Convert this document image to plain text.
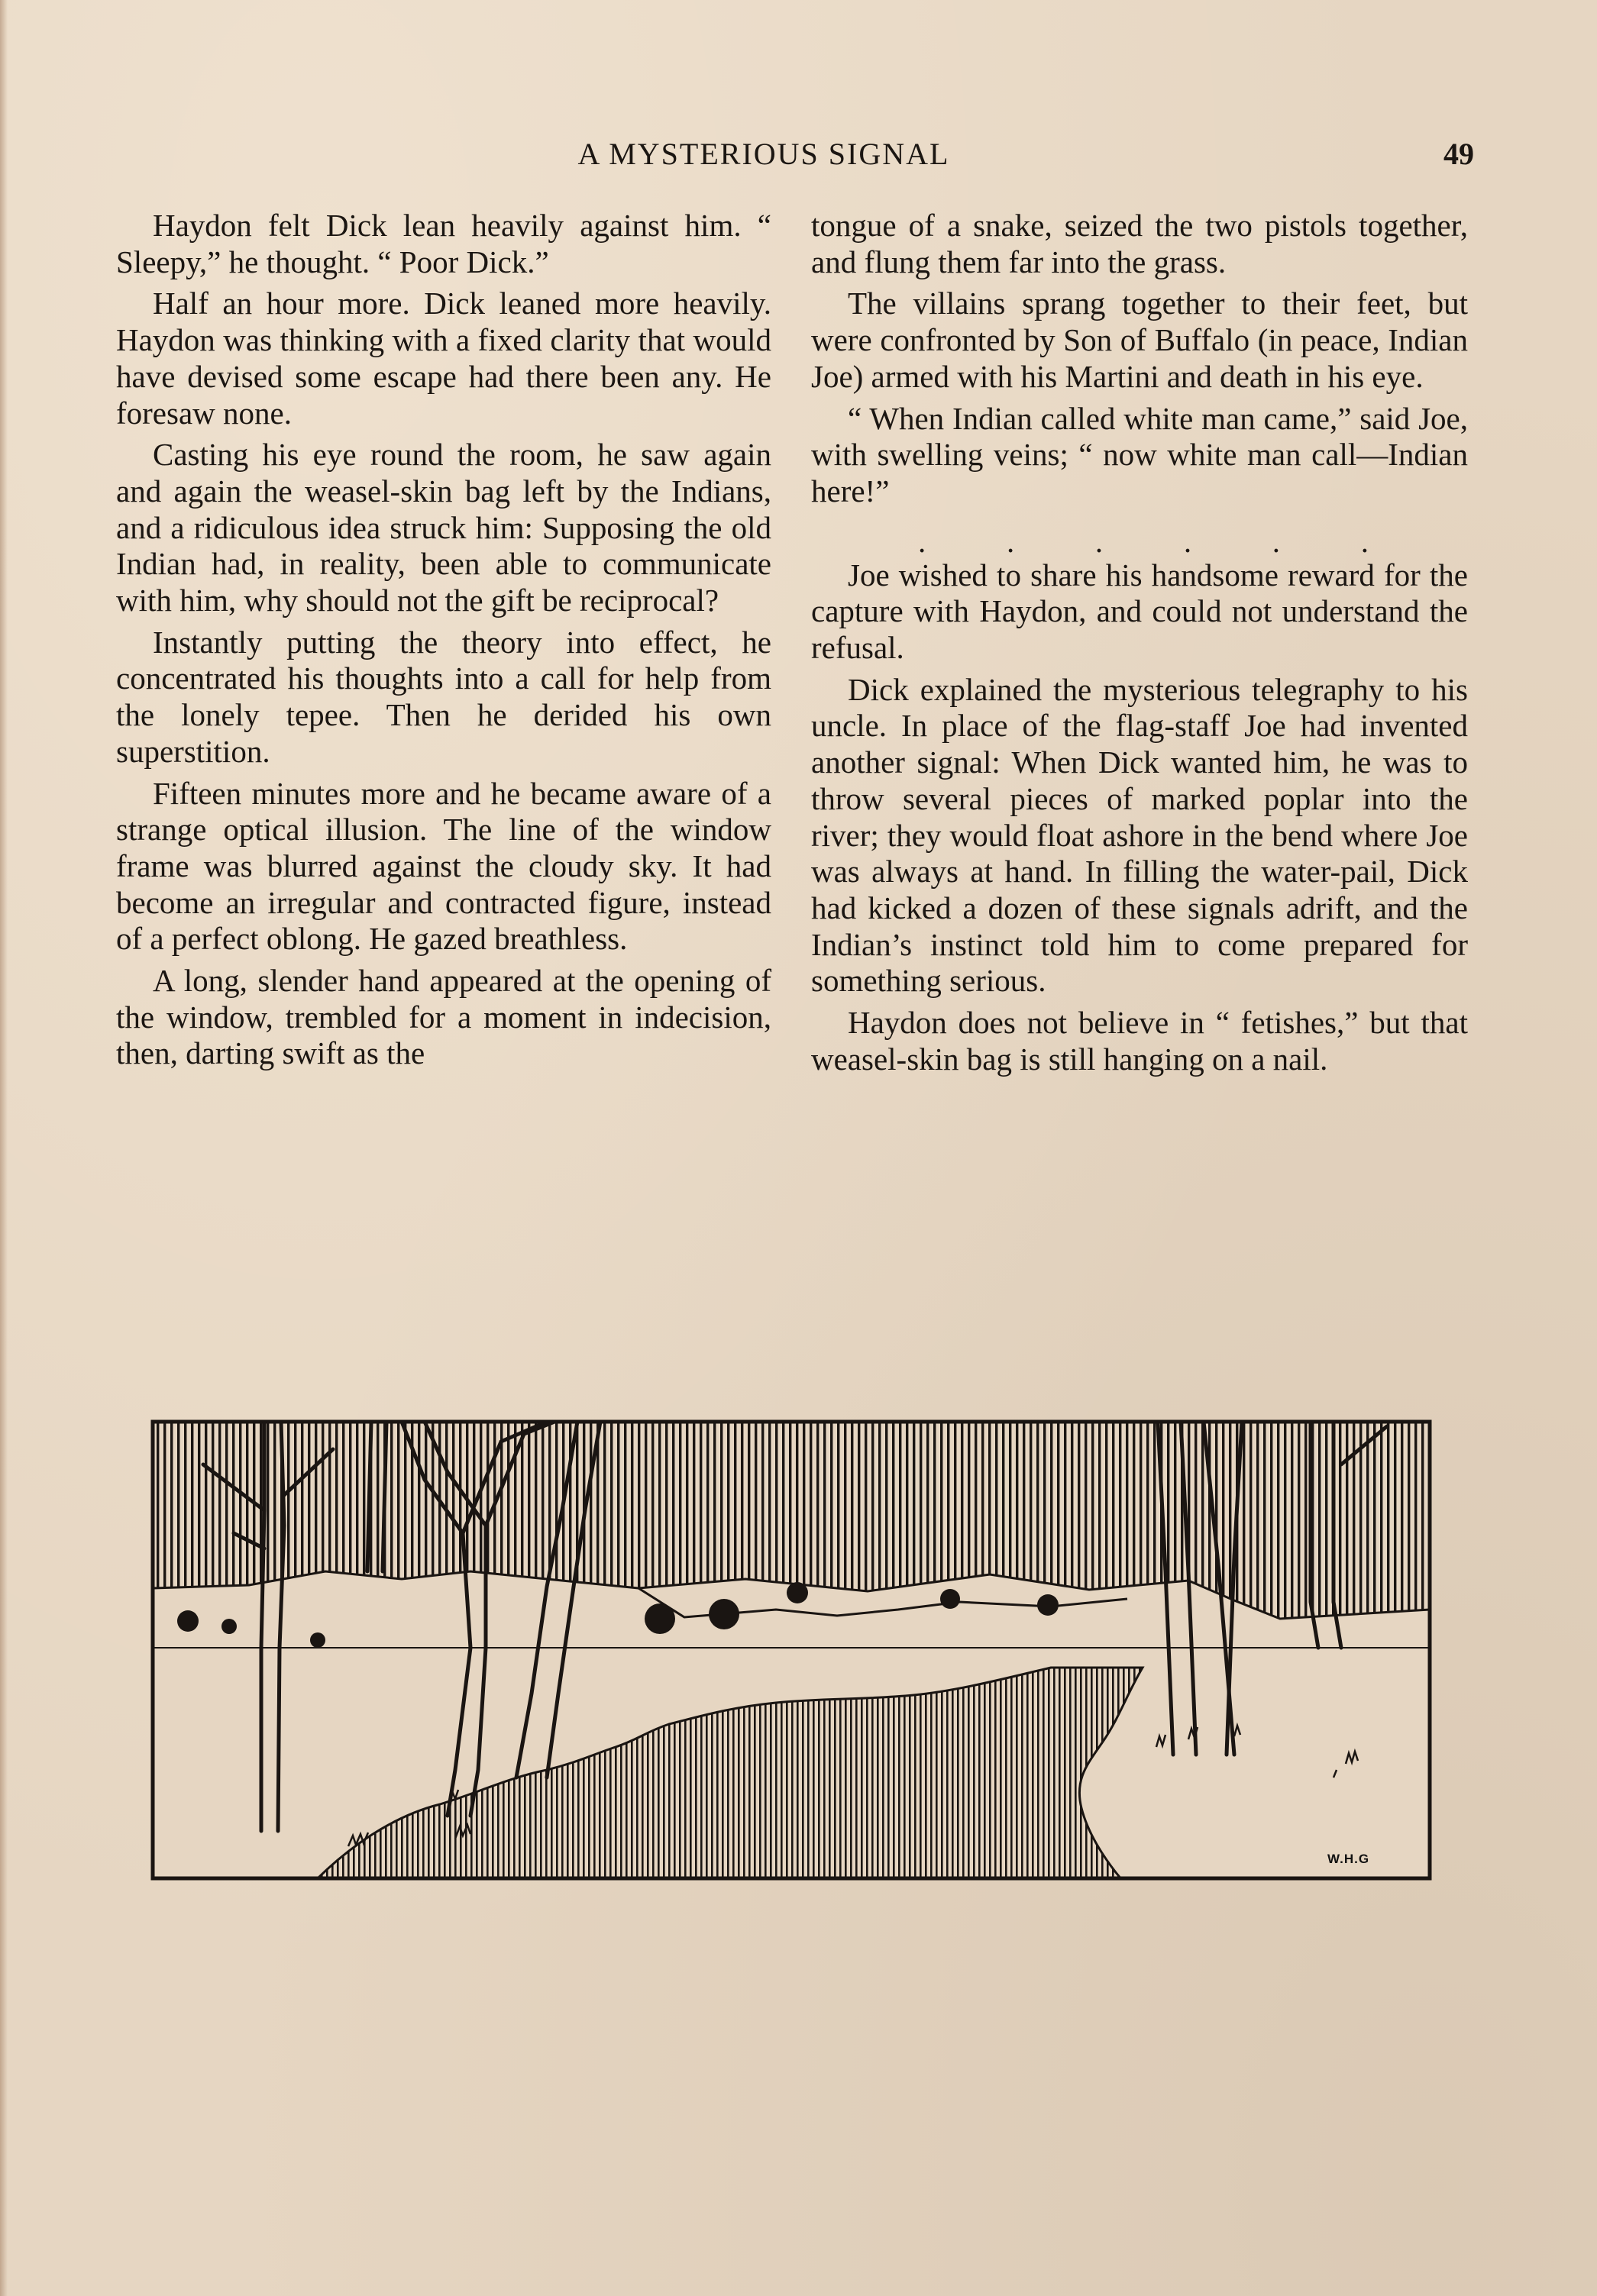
A MYSTERIOUS SIGNAL	49

Haydon felt Dick lean heavily against him. “ Sleepy,” he thought. “ Poor Dick.”

Half an hour more. Dick leaned more heavily. Haydon was thinking with a fixed clarity that would have devised some escape had there been any. He foresaw none.

Casting his eye round the room, he saw again and again the weasel-skin bag left by the Indians, and a ridiculous idea struck him: Supposing the old Indian had, in reality, been able to communicate with him, why should not the gift be reciprocal?

Instantly putting the theory into effect, he concentrated his thoughts into a call for help from the lonely tepee. Then he derided his own superstition.

Fifteen minutes more and he became aware of a strange optical illusion. The line of the window frame was blurred against the cloudy sky. It had become an irregular and contracted figure, instead of a perfect oblong. He gazed breathless.

A long, slender hand appeared at the opening of the window, trembled for a moment in indecision, then, darting swift as the

tongue of a snake, seized the two pistols together, and flung them far into the grass.

The villains sprang together to their feet, but were confronted by Son of Buffalo (in peace, Indian Joe) armed with his Martini and death in his eye.

“ When Indian called white man came,” said Joe, with swelling veins; “ now white man call—Indian here!”

.	.	.	.	.	.

Joe wished to share his handsome reward for the capture with Haydon, and could not understand the refusal.

Dick explained the mysterious telegraphy to his uncle. In place of the flag-staff Joe had invented another signal: When Dick wanted him, he was to throw several pieces of marked poplar into the river; they would float ashore in the bend where Joe was always at hand. In filling the water-pail, Dick had kicked a dozen of these signals adrift, and the Indian’s instinct told him to come prepared for something serious.

Haydon does not believe in “ fetishes,” but that weasel-skin bag is still hanging on a nail.

W.H.G
